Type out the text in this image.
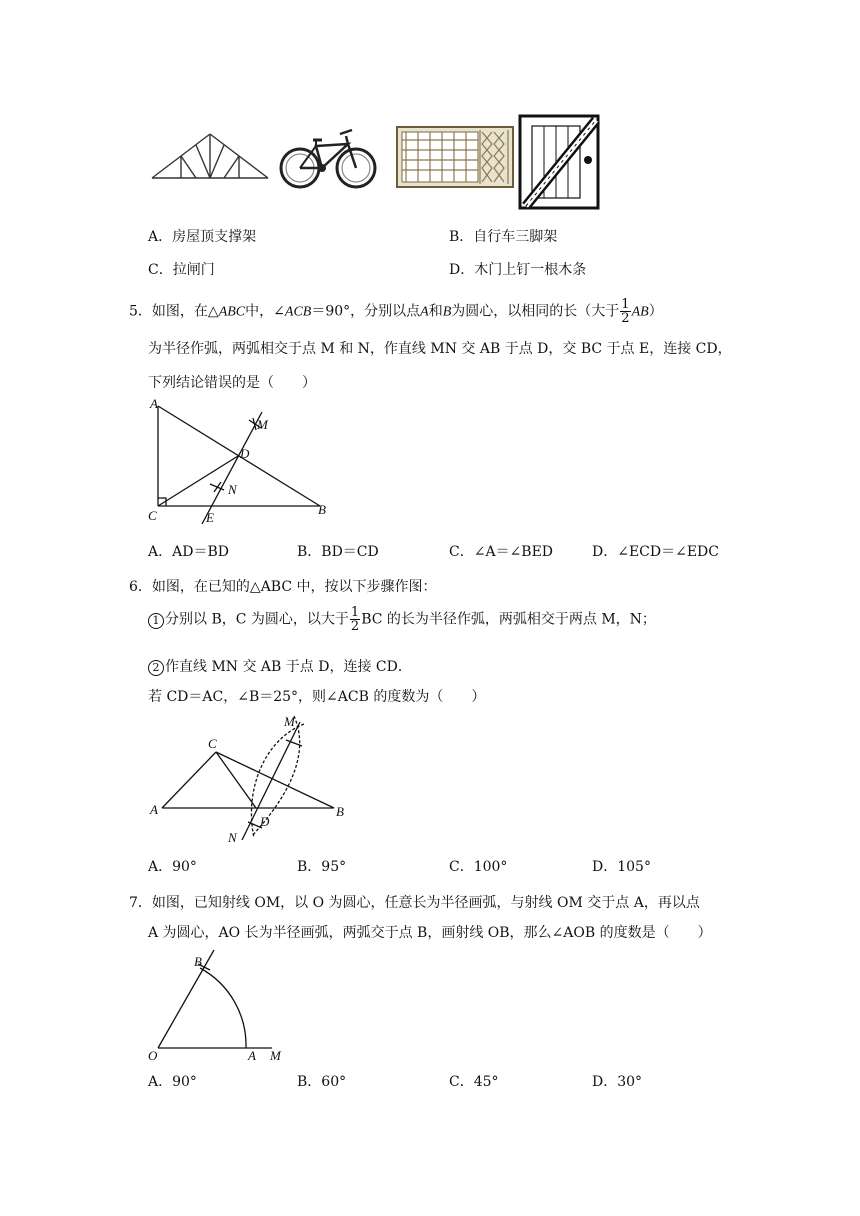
A．房屋顶支撑架	B．自行车三脚架
C．拉闸门	D．木门上钉一根木条
5．如图，在△ABC中，∠ACB＝90°，分别以点A和B为圆心，以相同的长（大于 $\frac{1}{2} AB$）
为半径作弧，两弧相交于点 M 和 N，作直线 MN 交 AB 于点 D，交 BC 于点 E，连接 CD，
下列结论错误的是（　　）
A
M
D
N
C	E
B
A．AD＝BD	B．BD＝CD	C．∠A＝∠BED	D．∠ECD＝∠EDC
6．如图，在已知的△ABC 中，按以下步骤作图：
1 分别以 B，C 为圆心，以大于 $\frac{1}{2}$ BC 的长为半径作弧，两弧相交于两点 M，N；
2 作直线 MN 交 AB 于点 D，连接 CD．
若 CD＝AC，∠B＝25°，则∠ACB 的度数为（　　）
M
C
A
D
B
N
A．90°	B．95°	C．100°	D．105°
7．如图，已知射线 OM，以 O 为圆心，任意长为半径画弧，与射线 OM 交于点 A，再以点
A 为圆心，AO 长为半径画弧，两弧交于点 B，画射线 OB，那么∠AOB 的度数是（　　）
B
O	A M
A．90°	B．60°	C．45°	D．30°
